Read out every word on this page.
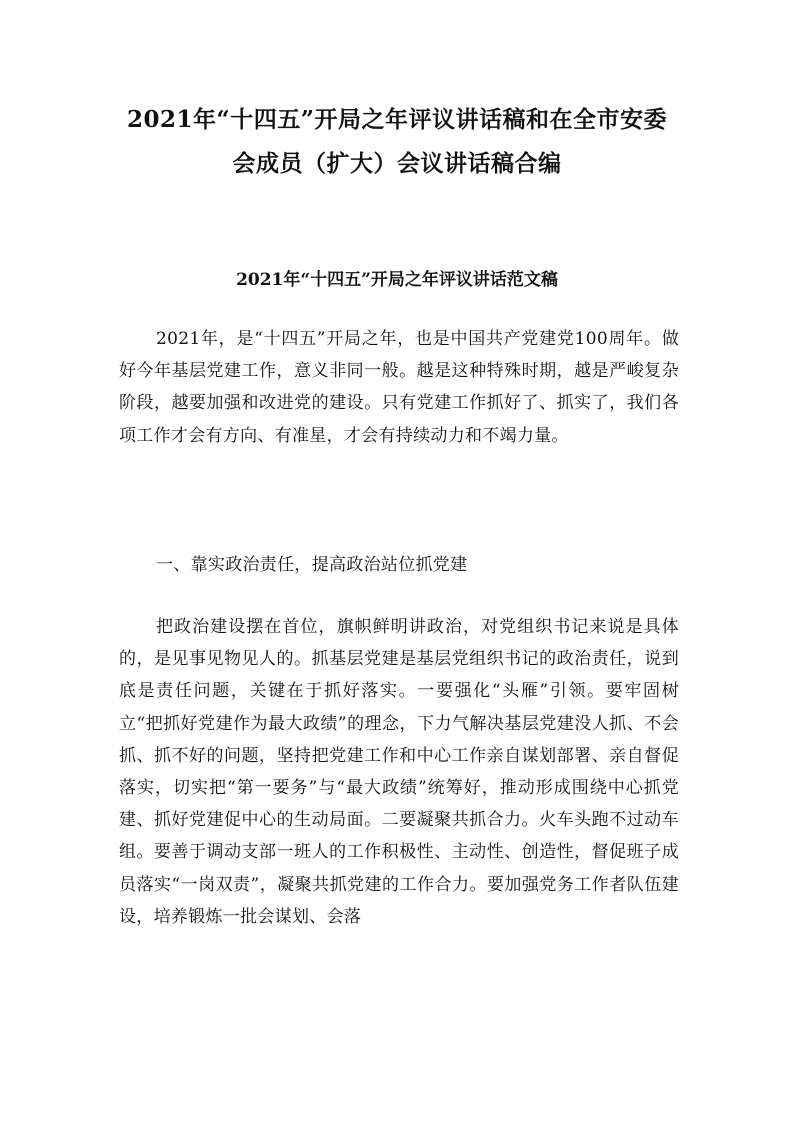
2021年“十四五”开局之年评议讲话稿和在全市安委
会成员（扩大）会议讲话稿合编
2021年“十四五”开局之年评议讲话范文稿

2021年，是“十四五”开局之年，也是中国共产党建党100周年。做好今年基层党建工作，意义非同一般。越是这种特殊时期，越是严峻复杂阶段，越要加强和改进党的建设。只有党建工作抓好了、抓实了，我们各项工作才会有方向、有准星，才会有持续动力和不竭力量。

一、靠实政治责任，提高政治站位抓党建

把政治建设摆在首位，旗帜鲜明讲政治，对党组织书记来说是具体的，是见事见物见人的。抓基层党建是基层党组织书记的政治责任，说到底是责任问题，关键在于抓好落实。一要强化“头雁”引领。要牢固树立“把抓好党建作为最大政绩”的理念，下力气解决基层党建没人抓、不会抓、抓不好的问题，坚持把党建工作和中心工作亲自谋划部署、亲自督促落实，切实把“第一要务”与“最大政绩”统筹好，推动形成围绕中心抓党建、抓好党建促中心的生动局面。二要凝聚共抓合力。火车头跑不过动车组。要善于调动支部一班人的工作积极性、主动性、创造性，督促班子成员落实“一岗双责”，凝聚共抓党建的工作合力。要加强党务工作者队伍建设，培养锻炼一批会谋划、会落
